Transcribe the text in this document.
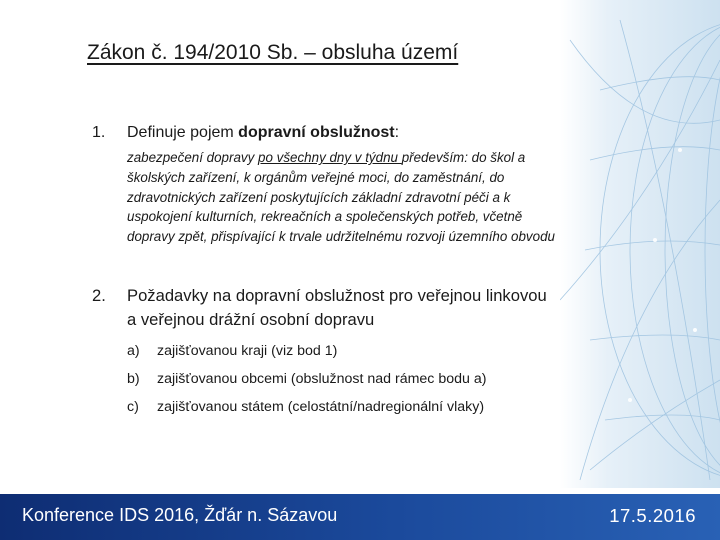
Zákon č. 194/2010 Sb. – obsluha území
1. Definuje pojem dopravní obslužnost:
zabezpečení dopravy po všechny dny v týdnu především: do škol a školských zařízení, k orgánům veřejné moci, do zaměstnání, do zdravotnických zařízení poskytujících základní zdravotní péči a k uspokojení kulturních, rekreačních a společenských potřeb, včetně dopravy zpět, přispívající k trvale udržitelnému rozvoji územního obvodu
2. Požadavky na dopravní obslužnost pro veřejnou linkovou a veřejnou drážní osobní dopravu
a) zajišťovanou kraji (viz bod 1)
b) zajišťovanou obcemi (obslužnost nad rámec bodu a)
c) zajišťovanou státem (celostátní/nadregionální vlaky)
Konference IDS 2016, Žďár n. Sázavou	17.5.2016
